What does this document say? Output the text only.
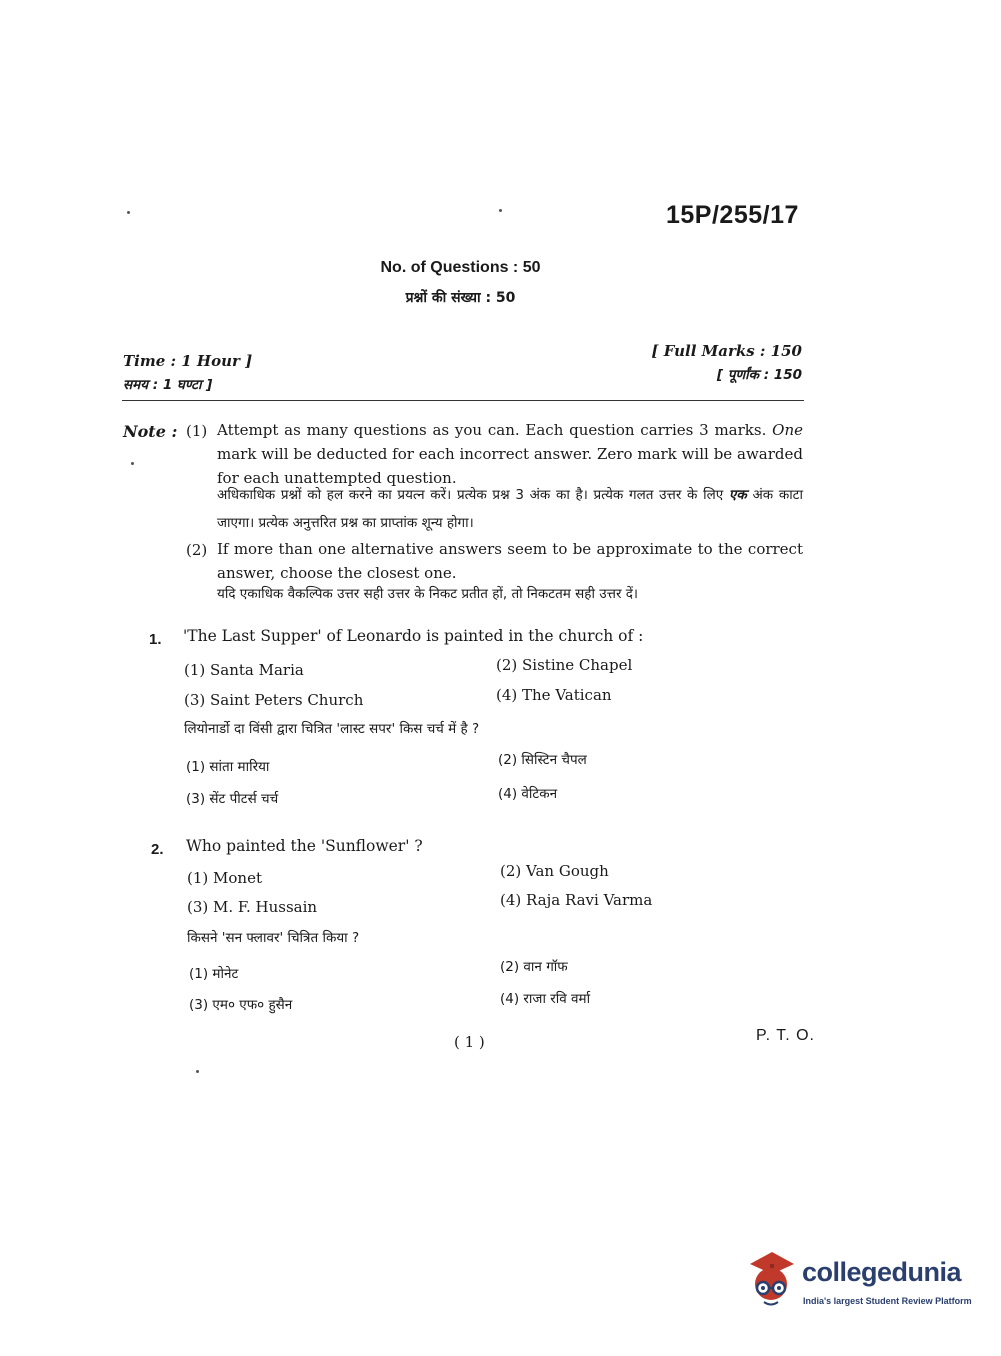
15P/255/17
No. of Questions : 50
प्रश्नों की संख्या : 50
Time : 1 Hour ]
समय : 1 घण्टा ]
[ Full Marks : 150
[ पूर्णांक : 150
Note : (1) Attempt as many questions as you can. Each question carries 3 marks. One mark will be deducted for each incorrect answer. Zero mark will be awarded for each unattempted question.
अधिकाधिक प्रश्नों को हल करने का प्रयत्न करें। प्रत्येक प्रश्न 3 अंक का है। प्रत्येक गलत उत्तर के लिए एक अंक काटा जाएगा। प्रत्येक अनुत्तरित प्रश्न का प्राप्तांक शून्य होगा।
(2) If more than one alternative answers seem to be approximate to the correct answer, choose the closest one.
यदि एकाधिक वैकल्पिक उत्तर सही उत्तर के निकट प्रतीत हों, तो निकटतम सही उत्तर दें।
1. 'The Last Supper' of Leonardo is painted in the church of :
(1) Santa Maria	(2) Sistine Chapel
(3) Saint Peters Church	(4) The Vatican
लियोनार्डो दा विंसी द्वारा चित्रित 'लास्ट सपर' किस चर्च में है ?
(1) सांता मारिया	(2) सिस्टिन चैपल
(3) सेंट पीटर्स चर्च	(4) वेटिकन
2. Who painted the 'Sunflower' ?
(1) Monet	(2) Van Gough
(3) M. F. Hussain	(4) Raja Ravi Varma
किसने 'सन फ्लावर' चित्रित किया ?
(1) मोनेट	(2) वान गॉफ
(3) एम० एफ० हुसैन	(4) राजा रवि वर्मा
( 1 )	P. T. O.
collegedunia
India's largest Student Review Platform
